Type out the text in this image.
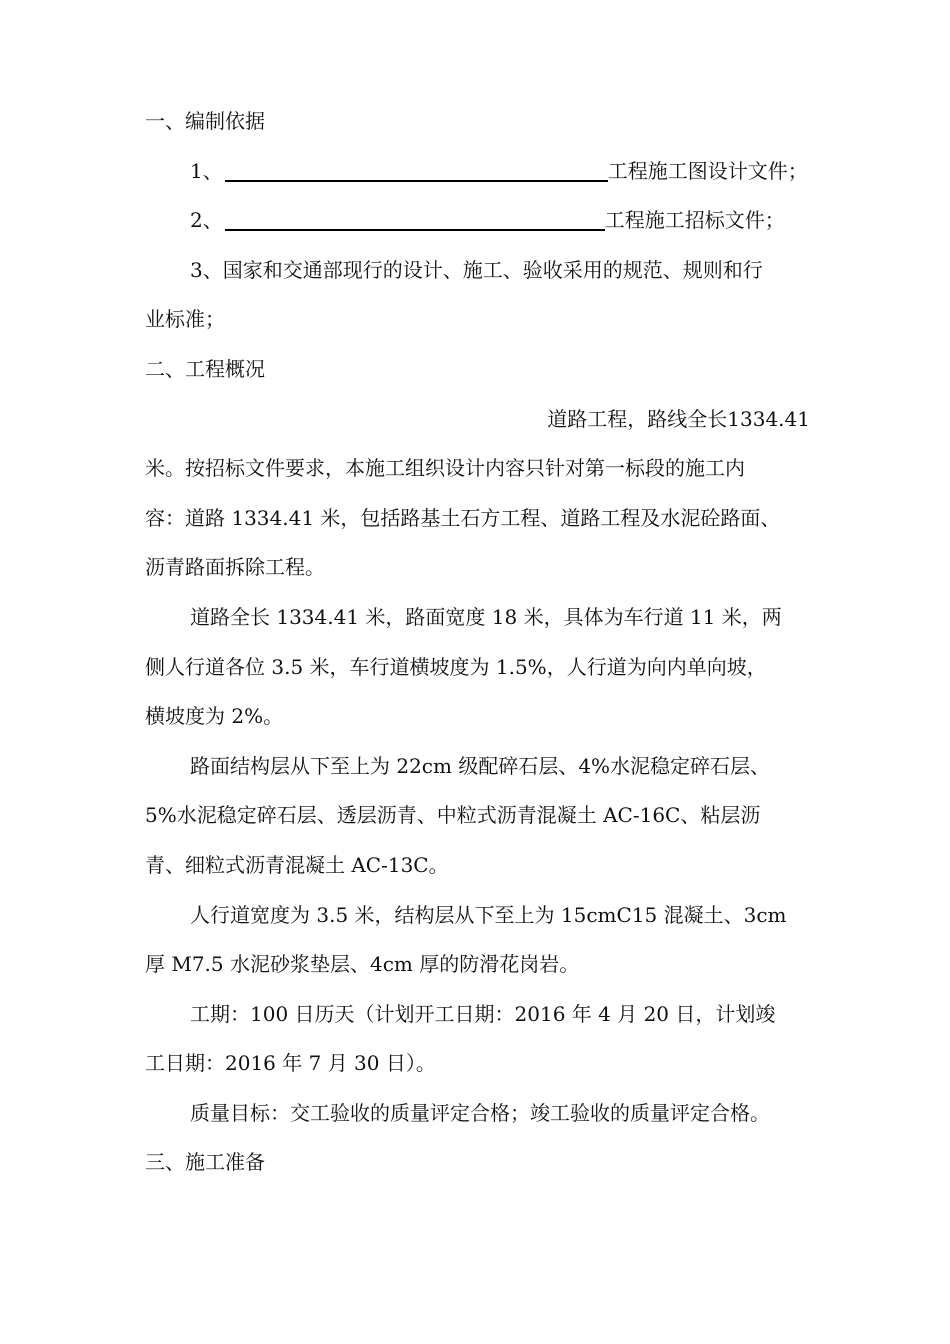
一、编制依据
1、	工程施工图设计文件；
2、	工程施工招标文件；
3、国家和交通部现行的设计、施工、验收采用的规范、规则和行
业标准；
二、工程概况
道路工程，路线全长1334.41
米。按招标文件要求，本施工组织设计内容只针对第一标段的施工内
容：道路 1334.41 米，包括路基土石方工程、道路工程及水泥砼路面、
沥青路面拆除工程。
道路全长 1334.41 米，路面宽度 18 米，具体为车行道 11 米，两
侧人行道各位 3.5 米，车行道横坡度为 1.5%，人行道为向内单向坡，
横坡度为 2%。
路面结构层从下至上为 22cm 级配碎石层、4%水泥稳定碎石层、
5%水泥稳定碎石层、透层沥青、中粒式沥青混凝土 AC-16C、粘层沥
青、细粒式沥青混凝土 AC-13C。
人行道宽度为 3.5 米，结构层从下至上为 15cmC15 混凝土、3cm
厚 M7.5 水泥砂浆垫层、4cm 厚的防滑花岗岩。
工期：100 日历天（计划开工日期：2016 年 4 月 20 日，计划竣
工日期：2016 年 7 月 30 日）。
质量目标：交工验收的质量评定合格；竣工验收的质量评定合格。
三、施工准备
